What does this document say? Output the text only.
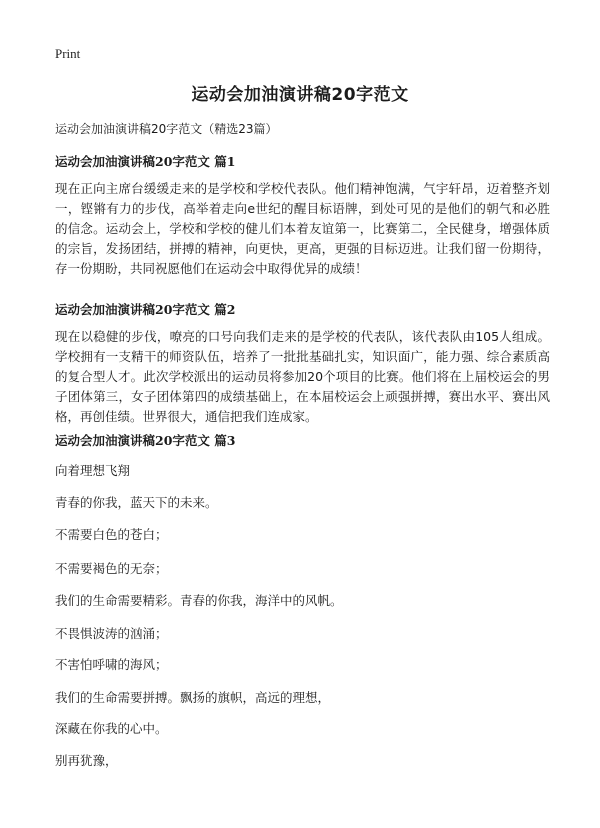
Print
运动会加油演讲稿20字范文
运动会加油演讲稿20字范文（精选23篇）
运动会加油演讲稿20字范文 篇1
现在正向主席台缓缓走来的是学校和学校代表队。他们精神饱满，气宇轩昂，迈着整齐划一，铿锵有力的步伐，高举着走向e世纪的醒目标语牌，到处可见的是他们的朝气和必胜的信念。运动会上，学校和学校的健儿们本着友谊第一，比赛第二，全民健身，增强体质的宗旨，发扬团结，拼搏的精神，向更快，更高，更强的目标迈进。让我们留一份期待，存一份期盼，共同祝愿他们在运动会中取得优异的成绩！
运动会加油演讲稿20字范文 篇2
现在以稳健的步伐，嘹亮的口号向我们走来的是学校的代表队，该代表队由105人组成。学校拥有一支精干的师资队伍，培养了一批批基础扎实，知识面广，能力强、综合素质高的复合型人才。此次学校派出的运动员将参加20个项目的比赛。他们将在上届校运会的男子团体第三，女子团体第四的成绩基础上，在本届校运会上顽强拼搏，赛出水平、赛出风格，再创佳绩。世界很大，通信把我们连成家。
运动会加油演讲稿20字范文 篇3
向着理想飞翔
青春的你我，蓝天下的未来。
不需要白色的苍白；
不需要褐色的无奈；
我们的生命需要精彩。青春的你我，海洋中的风帆。
不畏惧波涛的汹涌；
不害怕呼啸的海风；
我们的生命需要拼搏。飘扬的旗帜，高远的理想，
深藏在你我的心中。
别再犹豫，
